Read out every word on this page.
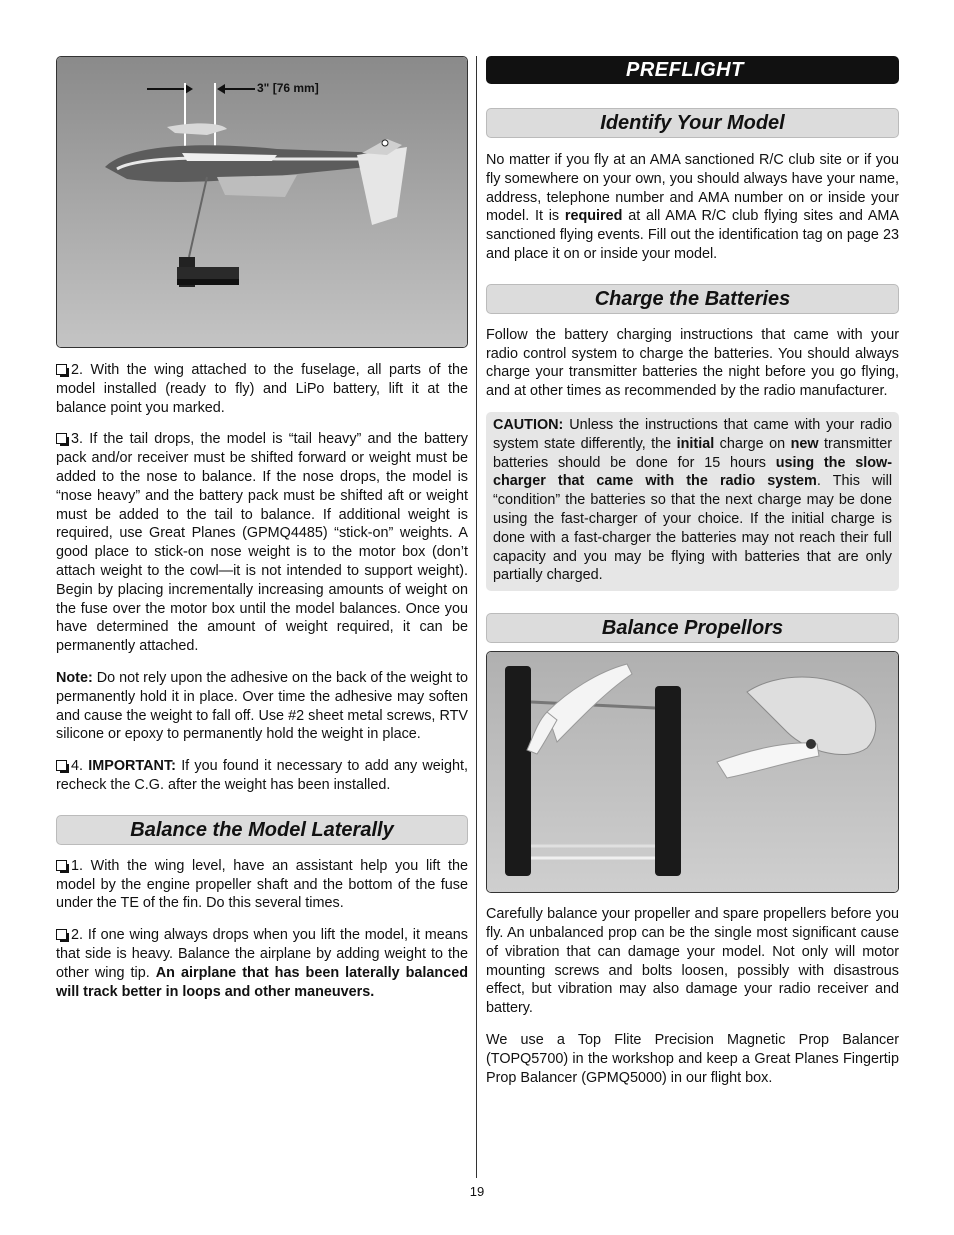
3" [76 mm]

2. With the wing attached to the fuselage, all parts of the model installed (ready to fly) and LiPo battery, lift it at the balance point you marked.

3. If the tail drops, the model is “tail heavy” and the battery pack and/or receiver must be shifted forward or weight must be added to the nose to balance. If the nose drops, the model is “nose heavy” and the battery pack must be shifted aft or weight must be added to the tail to balance. If additional weight is required, use Great Planes (GPMQ4485) “stick-on” weights. A good place to stick-on nose weight is to the motor box (don’t attach weight to the cowl—it is not intended to support weight). Begin by placing incrementally increasing amounts of weight on the fuse over the motor box until the model balances. Once you have determined the amount of weight required, it can be permanently attached.

Note: Do not rely upon the adhesive on the back of the weight to permanently hold it in place. Over time the adhesive may soften and cause the weight to fall off. Use #2 sheet metal screws, RTV silicone or epoxy to permanently hold the weight in place.

4. IMPORTANT: If you found it necessary to add any weight, recheck the C.G. after the weight has been installed.

Balance the Model Laterally

1. With the wing level, have an assistant help you lift the model by the engine propeller shaft and the bottom of the fuse under the TE of the fin. Do this several times.

2. If one wing always drops when you lift the model, it means that side is heavy. Balance the airplane by adding weight to the other wing tip. An airplane that has been laterally balanced will track better in loops and other maneuvers.

PREFLIGHT
Identify Your Model

No matter if you fly at an AMA sanctioned R/C club site or if you fly somewhere on your own, you should always have your name, address, telephone number and AMA number on or inside your model. It is required at all AMA R/C club flying sites and AMA sanctioned flying events. Fill out the identification tag on page 23 and place it on or inside your model.

Charge the Batteries

Follow the battery charging instructions that came with your radio control system to charge the batteries. You should always charge your transmitter batteries the night before you go flying, and at other times as recommended by the radio manufacturer.

CAUTION: Unless the instructions that came with your radio system state differently, the initial charge on new transmitter batteries should be done for 15 hours using the slow-charger that came with the radio system. This will “condition” the batteries so that the next charge may be done using the fast-charger of your choice. If the initial charge is done with a fast-charger the batteries may not reach their full capacity and you may be flying with batteries that are only partially charged.

Balance Propellors

Carefully balance your propeller and spare propellers before you fly. An unbalanced prop can be the single most significant cause of vibration that can damage your model. Not only will motor mounting screws and bolts loosen, possibly with disastrous effect, but vibration may also damage your radio receiver and battery.

We use a Top Flite Precision Magnetic Prop Balancer (TOPQ5700) in the workshop and keep a Great Planes Fingertip Prop Balancer (GPMQ5000) in our flight box.

19
